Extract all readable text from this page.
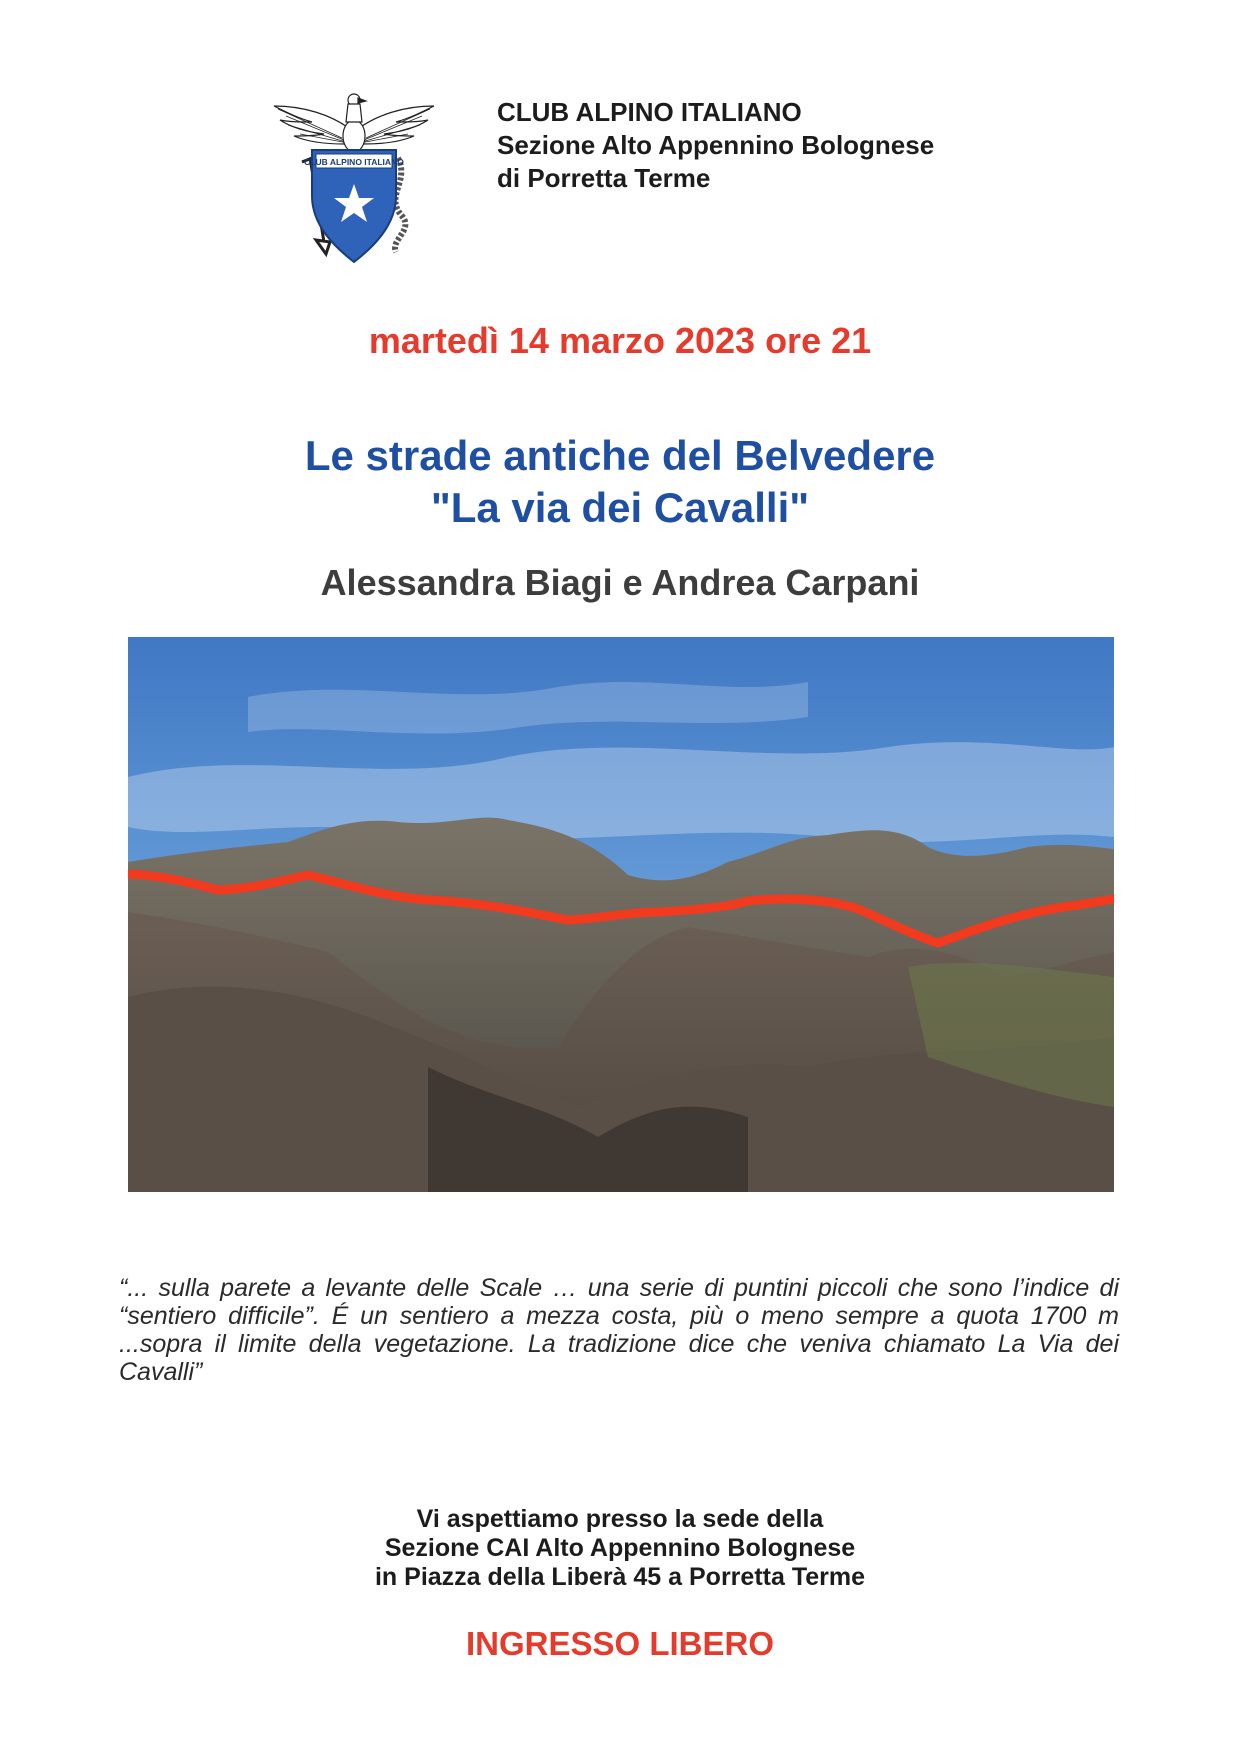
CLUB ALPINO ITALIANO
CLUB ALPINO ITALIANO
Sezione Alto Appennino Bolognese
di Porretta Terme
martedì 14 marzo 2023 ore 21
Le strade antiche del Belvedere
"La via dei Cavalli"
Alessandra Biagi e Andrea Carpani
“... sulla parete a levante delle Scale … una serie di puntini piccoli che sono l’indice di “sentiero difficile”. É un sentiero a mezza costa, più o meno sempre a quota 1700 m ...sopra il limite della vegetazione. La tradizione dice che veniva chiamato La Via dei Cavalli”
Vi aspettiamo presso la sede della
Sezione CAI Alto Appennino Bolognese
in Piazza della Liberà 45 a Porretta Terme
INGRESSO LIBERO
